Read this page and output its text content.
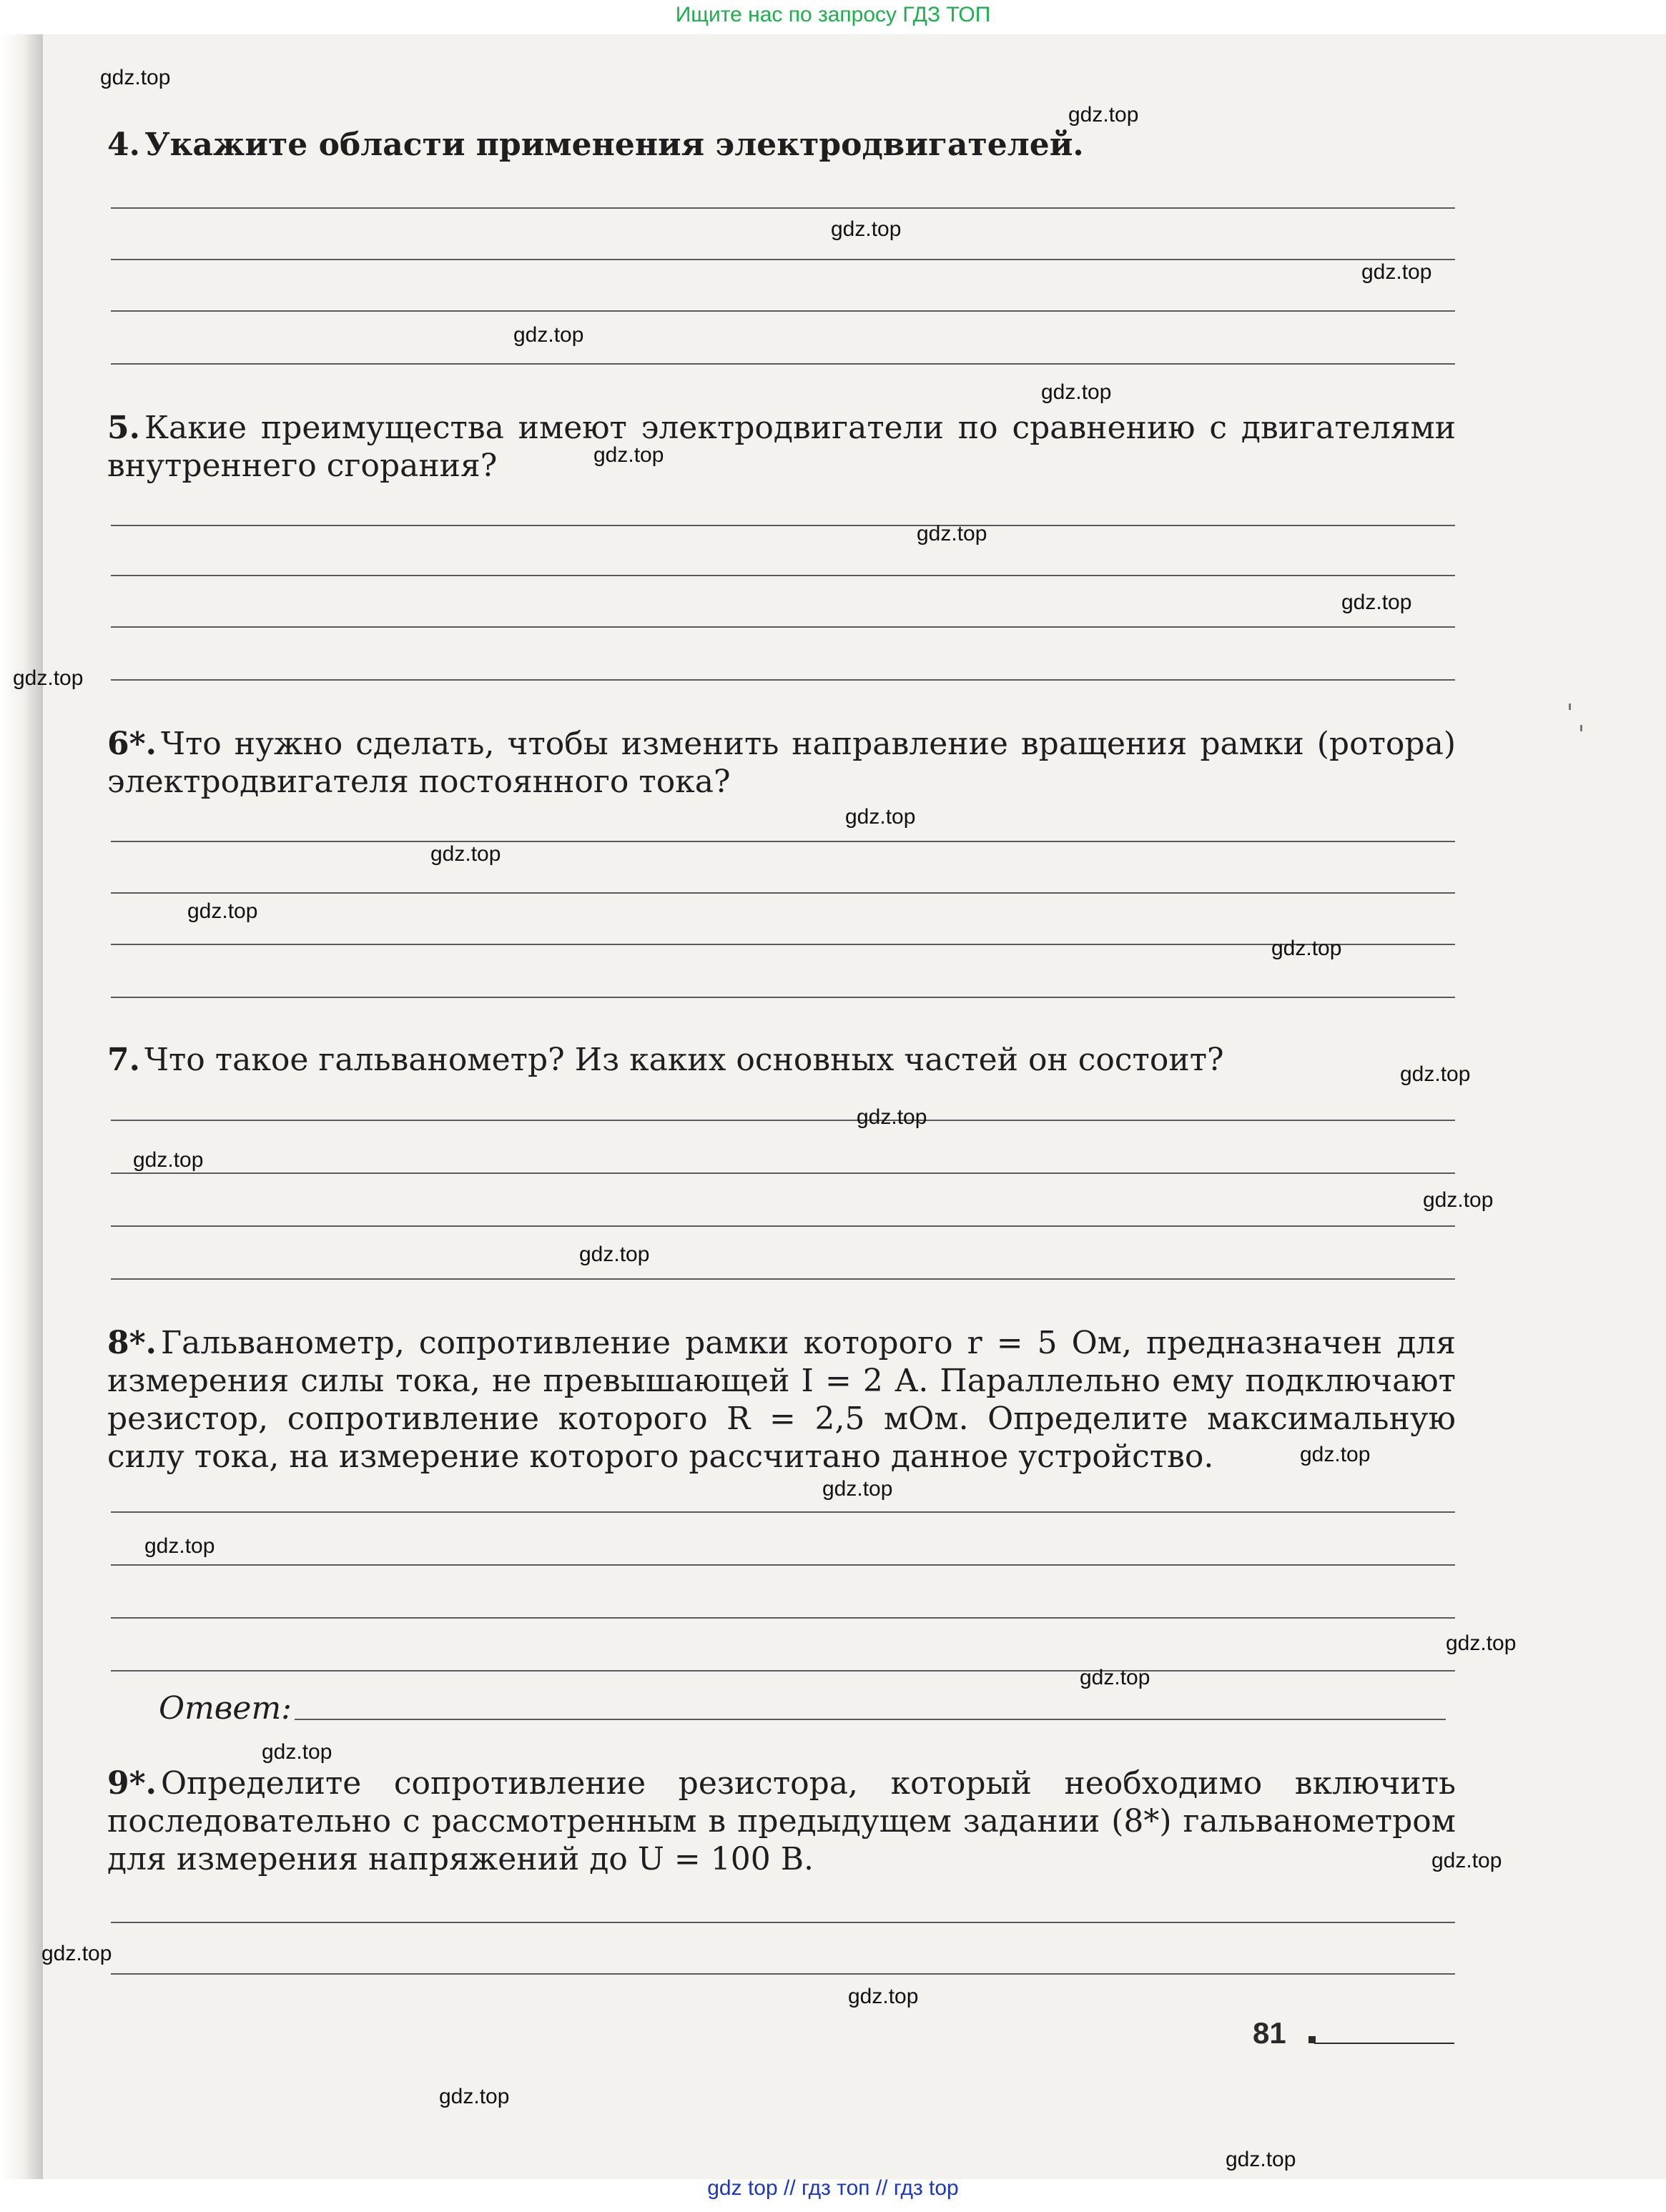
Ищите нас по запросу ГДЗ ТОП
4. Укажите области применения электродвигателей.
5. Какие преимущества имеют электродвигатели по сравнению с двигателями внутреннего сгорания?
6*. Что нужно сделать, чтобы изменить направление вращения рамки (ротора) электродвигателя постоянного тока?
7. Что такое гальванометр? Из каких основных частей он состоит?
8*. Гальванометр, сопротивление рамки которого r = 5 Ом, предназначен для измерения силы тока, не превышающей I = 2 А. Параллельно ему подключают резистор, сопротивление которого R = 2,5 мОм. Определите максимальную силу тока, на измерение которого рассчитано данное устройство.
Ответ:
9*. Определите сопротивление резистора, который необходимо включить последовательно с рассмотренным в предыдущем задании (8*) гальванометром для измерения напряжений до U = 100 В.
81
gdz.top
gdz.top
gdz.top
gdz.top
gdz.top
gdz.top
gdz.top
gdz.top
gdz.top
gdz.top
gdz.top
gdz.top
gdz.top
gdz.top
gdz.top
gdz.top
gdz.top
gdz.top
gdz.top
gdz.top
gdz.top
gdz.top
gdz.top
gdz.top
gdz.top
gdz.top
gdz.top
gdz.top
gdz.top
gdz.top
gdz top // гдз топ // гдз top
